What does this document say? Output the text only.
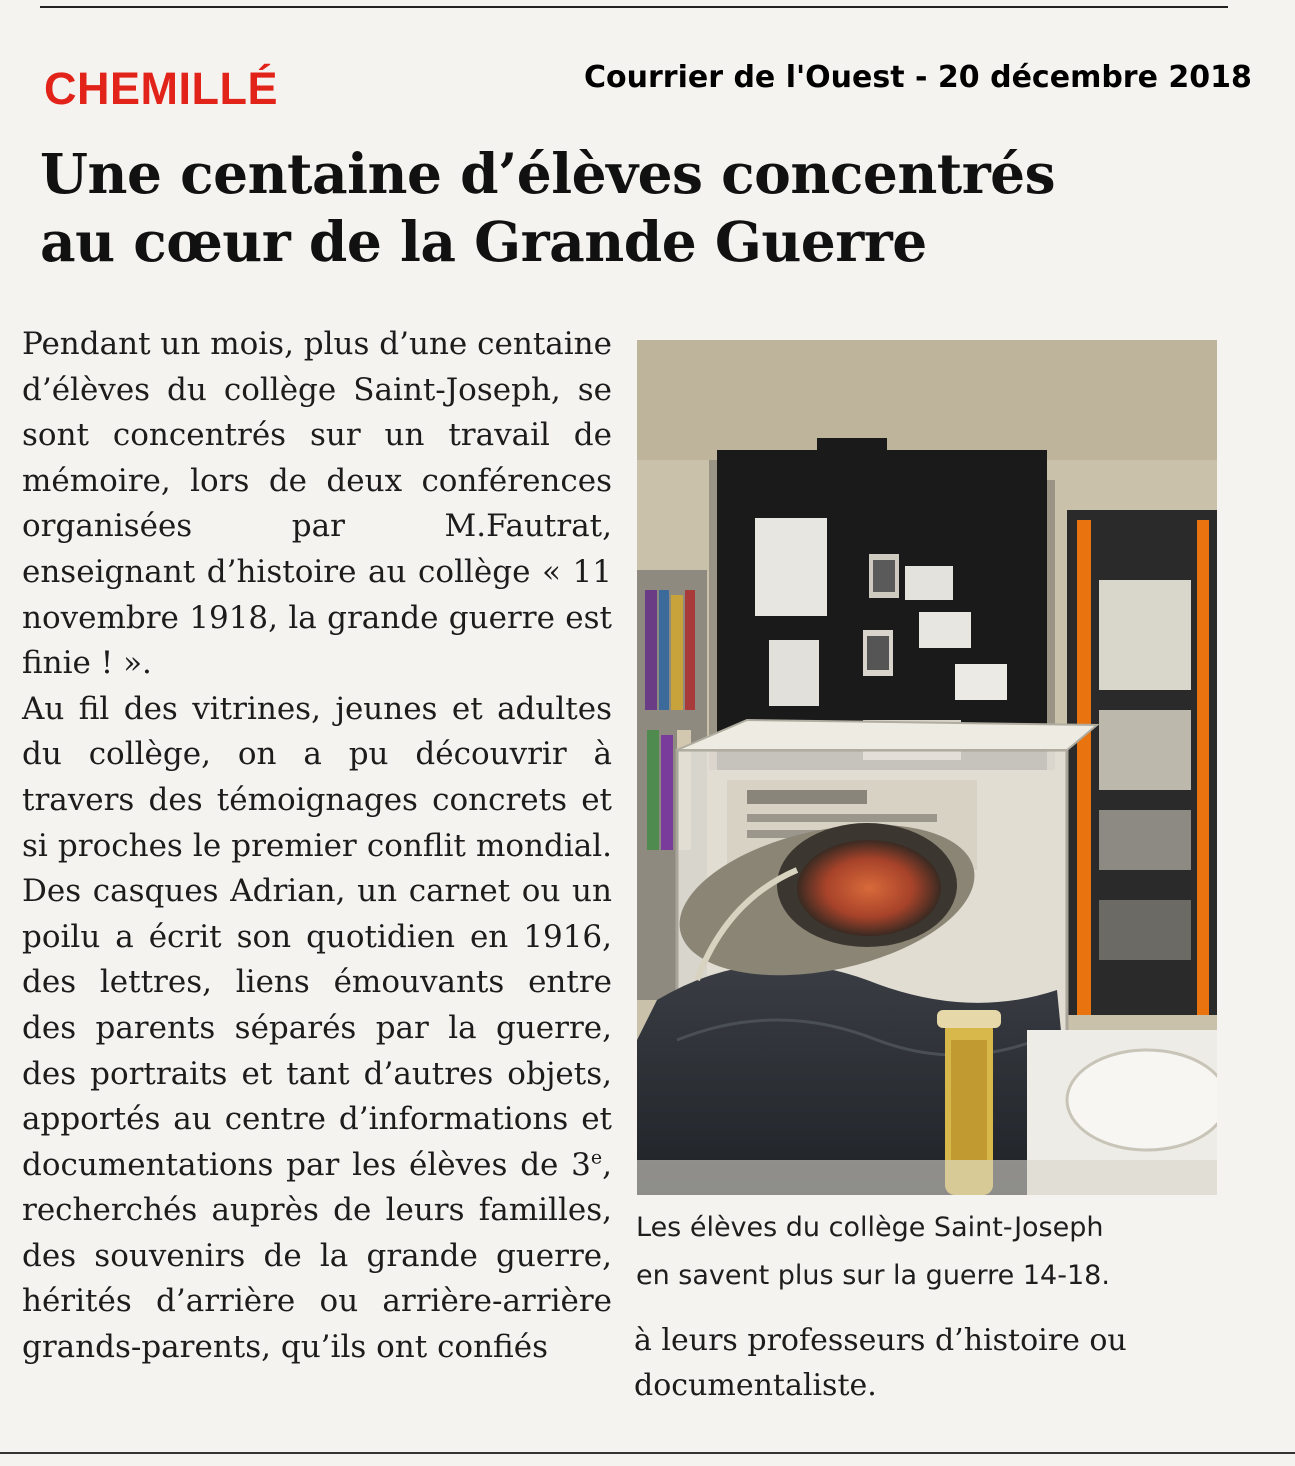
CHEMILLÉ	Courrier de l'Ouest - 20 décembre 2018
Une centaine d’élèves concentrés
au cœur de la Grande Guerre

Pendant un mois, plus d’une centaine d’élèves du collège Saint-Joseph, se sont concentrés sur un travail de mémoire, lors de deux conférences organisées par M.Fautrat, enseignant d’histoire au collège « 11 novembre 1918, la grande guerre est finie ! ».

Au fil des vitrines, jeunes et adultes du collège, on a pu découvrir à travers des témoignages concrets et si proches le premier conflit mondial. Des casques Adrian, un carnet ou un poilu a écrit son quotidien en 1916, des lettres, liens émouvants entre des parents séparés par la guerre, des portraits et tant d’autres objets, apportés au centre d’informations et documentations par les élèves de 3e, recherchés auprès de leurs familles, des souvenirs de la grande guerre, hérités d’arrière ou arrière-arrière grands-parents, qu’ils ont confiés

Les élèves du collège Saint-Joseph
en savent plus sur la guerre 14-18.
à leurs professeurs d’histoire ou documentaliste.
